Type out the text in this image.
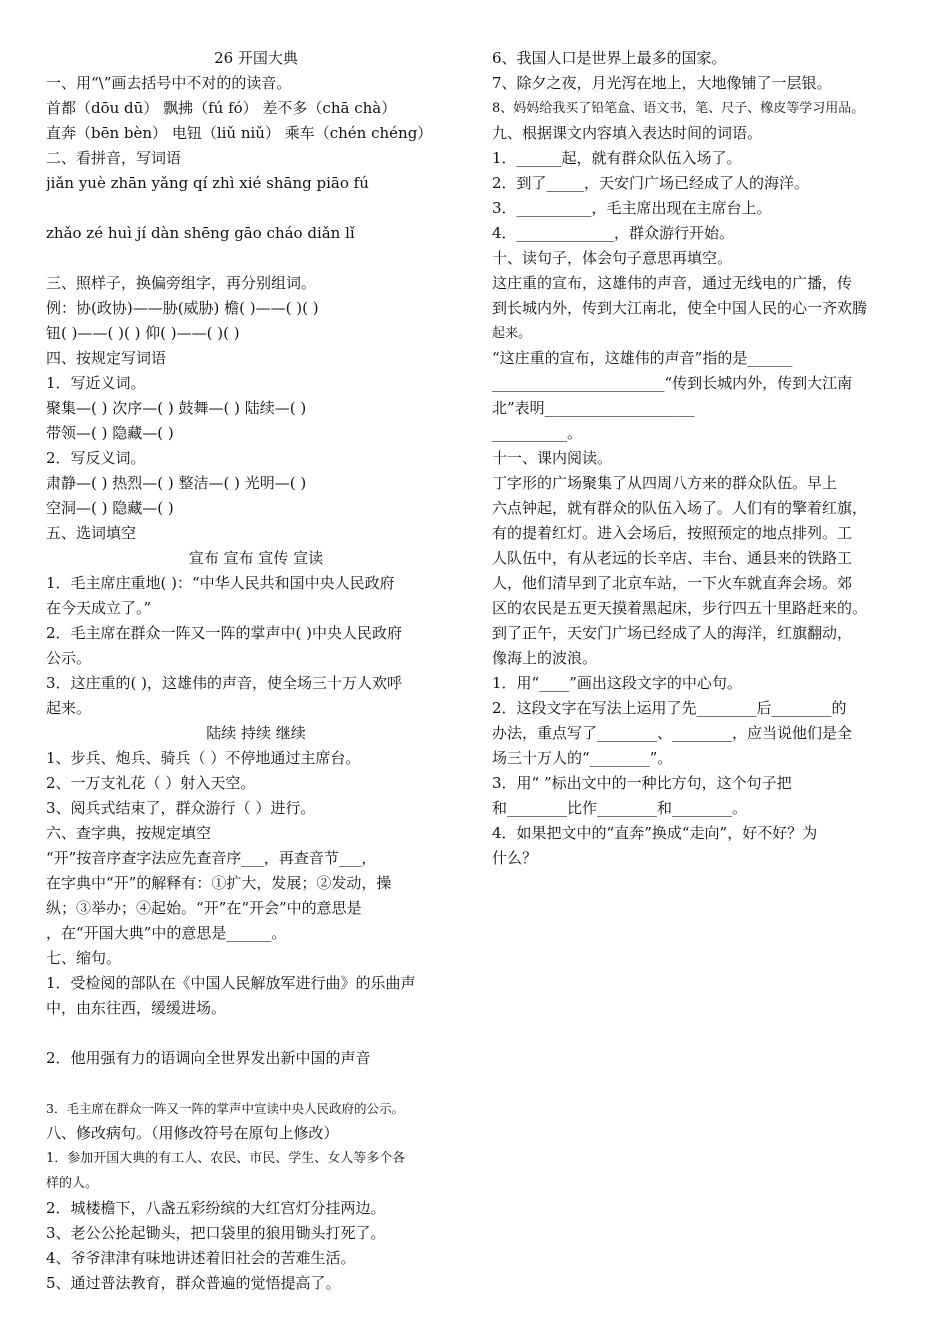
26 开国大典
一、用“\”画去括号中不对的的读音。
首都（dōu dū） 飘拂（fú fó） 差不多（chā chà）
直奔（bēn bèn） 电钮（liǔ niǔ） 乘车（chén chéng）
二、看拼音，写词语
jiǎn yuè zhān yǎng qí zhì xié shāng piāo fú
zhǎo zé huì jí dàn shēng gāo cháo diǎn lǐ
三、照样子，换偏旁组字，再分别组词。
例：协(政协)——胁(威胁) 檐( )——( )( )
钮( )——( )( ) 仰( )——( )( )
四、按规定写词语
1．写近义词。
聚集—( ) 次序—( ) 鼓舞—( ) 陆续—( )
带领—( ) 隐藏—( )
2．写反义词。
肃静—( ) 热烈—( ) 整洁—( ) 光明—( )
空洞—( ) 隐藏—( )
五、选词填空
宣布 宣布 宣传 宣读
1．毛主席庄重地( )：“中华人民共和国中央人民政府
在今天成立了。”
2．毛主席在群众一阵又一阵的掌声中( )中央人民政府
公示。
3．这庄重的( )，这雄伟的声音，使全场三十万人欢呼
起来。
陆续 持续 继续
1、步兵、炮兵、骑兵（ ）不停地通过主席台。
2、一万支礼花（ ）射入天空。
3、阅兵式结束了，群众游行（ ）进行。
六、查字典，按规定填空
“开”按音序查字法应先查音序___，再查音节___，
在字典中“开”的解释有：①扩大，发展；②发动，操
纵；③举办；④起始。“开”在“开会”中的意思是
，在“开国大典”中的意思是______。
七、缩句。
1．受检阅的部队在《中国人民解放军进行曲》的乐曲声
中，由东往西，缓缓进场。
2．他用强有力的语调向全世界发出新中国的声音
3．毛主席在群众一阵又一阵的掌声中宣读中央人民政府的公示。
八、修改病句。（用修改符号在原句上修改）
1．参加开国大典的有工人、农民、市民、学生、女人等多个各
样的人。
2．城楼檐下，八盏五彩纷缤的大红宫灯分挂两边。
3、老公公抡起锄头，把口袋里的狼用锄头打死了。
4、爷爷津津有味地讲述着旧社会的苦难生活。
5、通过普法教育，群众普遍的觉悟提高了。
6、我国人口是世界上最多的国家。
7、除夕之夜，月光泻在地上，大地像铺了一层银。
8、妈妈给我买了铅笔盒、语文书，笔、尺子、橡皮等学习用品。
九、根据课文内容填入表达时间的词语。
1．______起，就有群众队伍入场了。
2．到了_____，天安门广场已经成了人的海洋。
3．__________，毛主席出现在主席台上。
4．_____________，群众游行开始。
十、读句子，体会句子意思再填空。
这庄重的宣布，这雄伟的声音，通过无线电的广播，传
到长城内外，传到大江南北，使全中国人民的心一齐欢腾
起来。
“这庄重的宣布，这雄伟的声音”指的是______
_______________________“传到长城内外，传到大江南
北”表明____________________
__________。
十一、课内阅读。
丁字形的广场聚集了从四周八方来的群众队伍。早上
六点钟起，就有群众的队伍入场了。人们有的擎着红旗，
有的提着红灯。进入会场后，按照预定的地点排列。工
人队伍中，有从老远的长辛店、丰台、通县来的铁路工
人，他们清早到了北京车站，一下火车就直奔会场。郊
区的农民是五更天摸着黑起床，步行四五十里路赶来的。
到了正午，天安门广场已经成了人的海洋，红旗翻动，
像海上的波浪。
1．用“____”画出这段文字的中心句。
2．这段文字在写法上运用了先________后________的
办法，重点写了________、________，应当说他们是全
场三十万人的“________”。
3．用“ ”标出文中的一种比方句，这个句子把
和________比作________和________。
4．如果把文中的“直奔”换成“走向”，好不好？为
什么？
